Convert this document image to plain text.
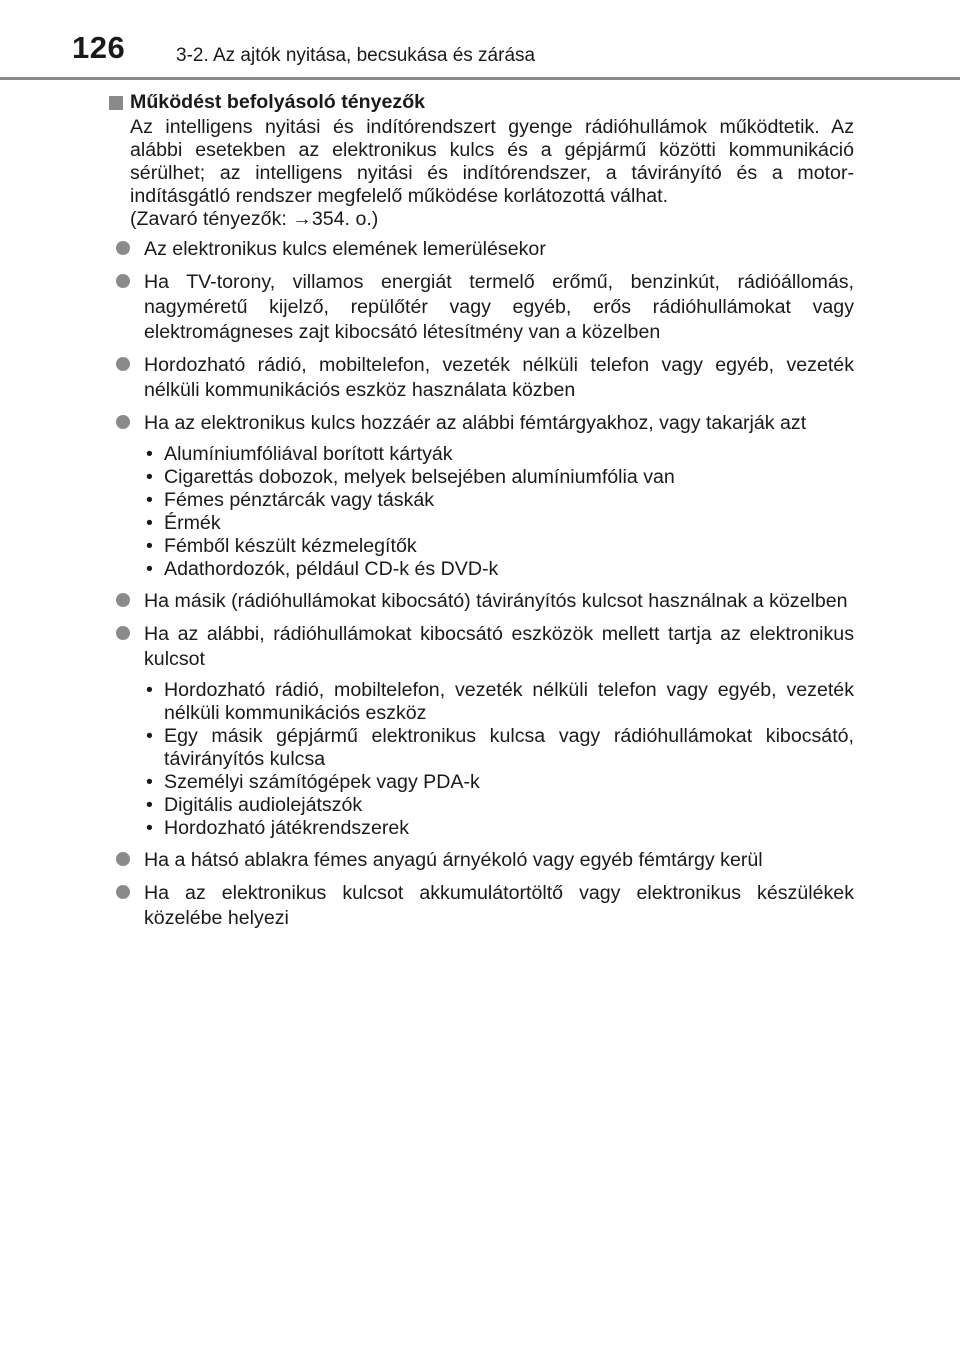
126	3-2. Az ajtók nyitása, becsukása és zárása
Működést befolyásoló tényezők

Az intelligens nyitási és indítórendszert gyenge rádióhullámok működtetik. Az alábbi esetekben az elektronikus kulcs és a gépjármű közötti kommunikáció sérülhet; az intelligens nyitási és indítórendszer, a távirányító és a motor-indításgátló rendszer megfelelő működése korlátozottá válhat.

(Zavaró tényezők: →354. o.)

Az elektronikus kulcs elemének lemerülésekor
Ha TV-torony, villamos energiát termelő erőmű, benzinkút, rádióállomás, nagyméretű kijelző, repülőtér vagy egyéb, erős rádióhullámokat vagy elektromágneses zajt kibocsátó létesítmény van a közelben
Hordozható rádió, mobiltelefon, vezeték nélküli telefon vagy egyéb, vezeték nélküli kommunikációs eszköz használata közben
Ha az elektronikus kulcs hozzáér az alábbi fémtárgyakhoz, vagy takarják azt
• Alumíniumfóliával borított kártyák
• Cigarettás dobozok, melyek belsejében alumíniumfólia van
• Fémes pénztárcák vagy táskák
• Érmék
• Fémből készült kézmelegítők
• Adathordozók, például CD-k és DVD-k
Ha másik (rádióhullámokat kibocsátó) távirányítós kulcsot használnak a közelben
Ha az alábbi, rádióhullámokat kibocsátó eszközök mellett tartja az elektronikus kulcsot
• Hordozható rádió, mobiltelefon, vezeték nélküli telefon vagy egyéb, vezeték nélküli kommunikációs eszköz
• Egy másik gépjármű elektronikus kulcsa vagy rádióhullámokat kibocsátó, távirányítós kulcsa
• Személyi számítógépek vagy PDA-k
• Digitális audiolejátszók
• Hordozható játékrendszerek
Ha a hátsó ablakra fémes anyagú árnyékoló vagy egyéb fémtárgy kerül
Ha az elektronikus kulcsot akkumulátortöltő vagy elektronikus készülékek közelébe helyezi
